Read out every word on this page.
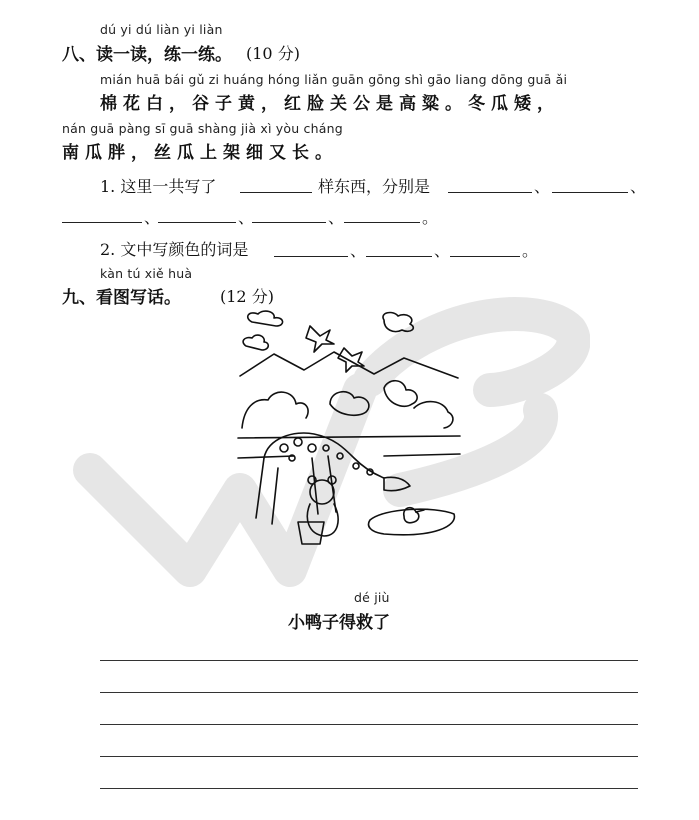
dú yi dú liàn yi liàn
八、读一读，练一练。 (10 分)
mián huā bái gǔ zi huáng hóng liǎn guān gōng shì gāo liang dōng guā ǎi
棉花白，谷子黄，红脸关公是高粱。冬瓜矮，
nán guā pàng sī guā shàng jià xì yòu cháng
南瓜胖，丝瓜上架细又长。
1. 这里一共写了	样东西，分别是	、	、
、	、	、	。
2. 文中写颜色的词是	、	、	。
kàn tú xiě huà
九、看图写话。 (12 分)
dé jiù
小鸭子得救了
